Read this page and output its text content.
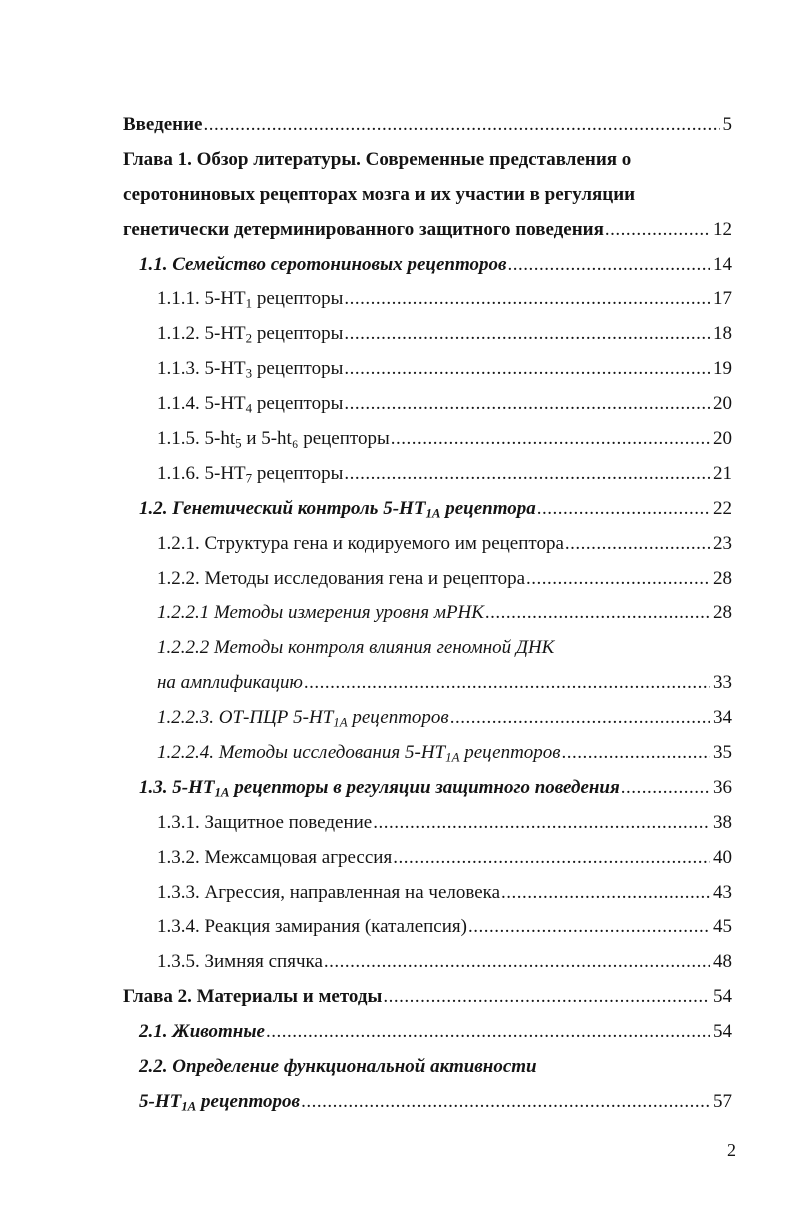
Введение .....	5
Глава 1. Обзор литературы. Современные представления о
серотониновых рецепторах мозга и их участии в регуляции
генетически детерминированного защитного поведения .....	12
1.1. Семейство серотониновых рецепторов .....	14
1.1.1. $5-HT_1$ рецепторы .....	17
1.1.2. $5-HT_2$ рецепторы .....	18
1.1.3. $5-HT_3$ рецепторы .....	19
1.1.4. $5-HT_4$ рецепторы .....	20
1.1.5. $5-ht_5$ и 5-ht₆ рецепторы .....	20
1.1.6. $5-HT_7$ рецепторы .....	21
1.2. Генетический контроль $5-HT_{1A}$ рецептора .....	22
1.2.1. Структура гена и кодируемого им рецептора .....	23
1.2.2. Методы исследования гена и рецептора .....	28
1.2.2.1 Методы измерения уровня мРНК .....	28
1.2.2.2 Методы контроля влияния геномной ДНК
на амплификацию .....	33
1.2.2.3. ОТ-ПЦР $5-HT_{1A}$ рецепторов .....	34
1.2.2.4. Методы исследования $5-HT_{1A}$ рецепторов .....	35
1.3. $5-HT_{1A}$ рецепторы в регуляции защитного поведения .....	36
1.3.1. Защитное поведение .....	38
1.3.2. Межсамцовая агрессия .....	40
1.3.3. Агрессия, направленная на человека .....	43
1.3.4. Реакция замирания (каталепсия) .....	45
1.3.5. Зимняя спячка .....	48
Глава 2. Материалы и методы .....	54
2.1. Животные .....	54
2.2. Определение функциональной активности
$5-HT_{1A}$ рецепторов .....	57
2
